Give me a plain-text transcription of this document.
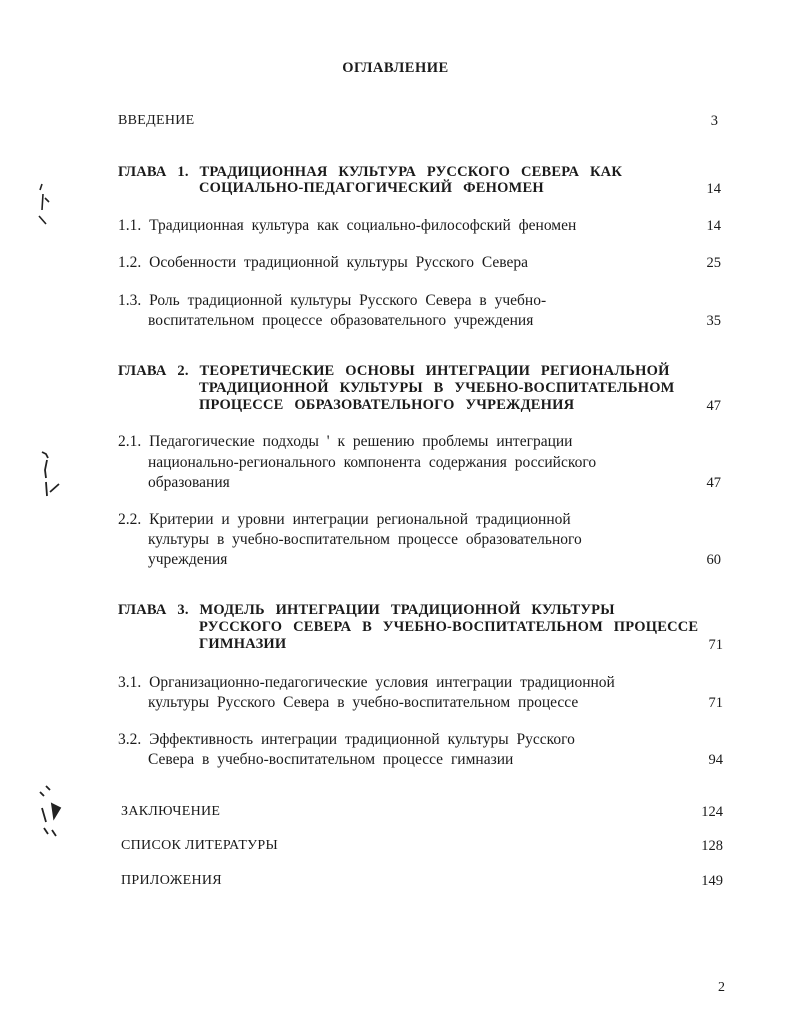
ОГЛАВЛЕНИЕ
ВВЕДЕНИЕ	3
ГЛАВА 1. ТРАДИЦИОННАЯ КУЛЬТУРА РУССКОГО СЕВЕРА КАК
СОЦИАЛЬНО-ПЕДАГОГИЧЕСКИЙ ФЕНОМЕН	14
1.1. Традиционная культура как социально-философский феномен	14
1.2. Особенности традиционной культуры Русского Севера	25
1.3. Роль традиционной культуры Русского Севера в учебно-
воспитательном процессе образовательного учреждения	35
ГЛАВА 2. ТЕОРЕТИЧЕСКИЕ ОСНОВЫ ИНТЕГРАЦИИ РЕГИОНАЛЬНОЙ
ТРАДИЦИОННОЙ КУЛЬТУРЫ В УЧЕБНО-ВОСПИТАТЕЛЬНОМ
ПРОЦЕССЕ ОБРАЗОВАТЕЛЬНОГО УЧРЕЖДЕНИЯ	47
2.1. Педагогические подходы ' к решению проблемы интеграции
национально-регионального компонента содержания российского
образования	47
2.2. Критерии и уровни интеграции региональной традиционной
культуры в учебно-воспитательном процессе образовательного
учреждения	60
ГЛАВА 3. МОДЕЛЬ ИНТЕГРАЦИИ ТРАДИЦИОННОЙ КУЛЬТУРЫ
РУССКОГО СЕВЕРА В УЧЕБНО-ВОСПИТАТЕЛЬНОМ ПРОЦЕССЕ
ГИМНАЗИИ	71
3.1. Организационно-педагогические условия интеграции традиционной
культуры Русского Севера в учебно-воспитательном процессе	71
3.2. Эффективность интеграции традиционной культуры Русского
Севера в учебно-воспитательном процессе гимназии	94
ЗАКЛЮЧЕНИЕ	124
СПИСОК ЛИТЕРАТУРЫ	128
ПРИЛОЖЕНИЯ	149
2
